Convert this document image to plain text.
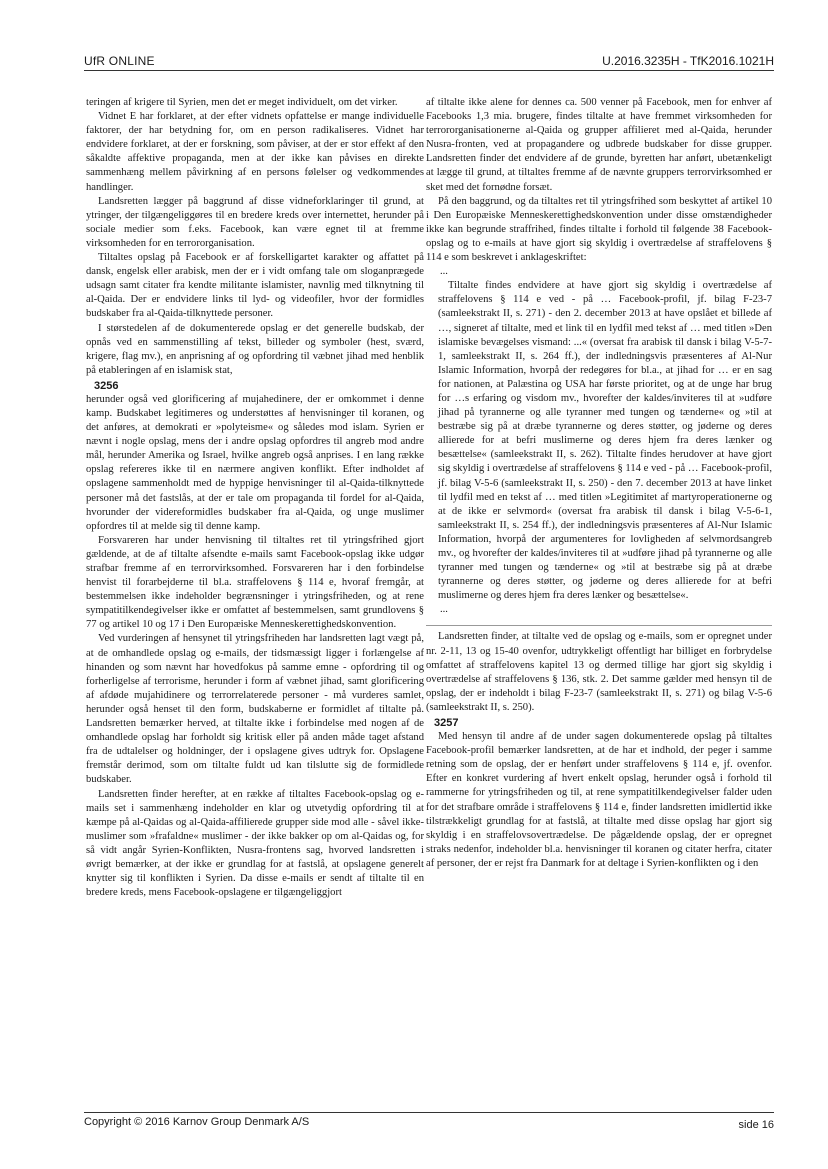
UfR ONLINE	U.2016.3235H - TfK2016.1021H

teringen af krigere til Syrien, men det er meget individuelt, om det virker.

Vidnet E har forklaret, at der efter vidnets opfattelse er mange individuelle faktorer, der har betydning for, om en person radikaliseres. Vidnet har endvidere forklaret, at der er forskning, som påviser, at der er stor effekt af den såkaldte affektive propaganda, men at der ikke kan påvises en direkte sammenhæng mellem påvirkning af en persons følelser og vedkommendes handlinger.

Landsretten lægger på baggrund af disse vidneforklaringer til grund, at ytringer, der tilgængeliggøres til en bredere kreds over internettet, herunder på sociale medier som f.eks. Facebook, kan være egnet til at fremme virksomheden for en terrororganisation.

Tiltaltes opslag på Facebook er af forskelligartet karakter og affattet på dansk, engelsk eller arabisk, men der er i vidt omfang tale om sloganprægede udsagn samt citater fra kendte militante islamister, navnlig med tilknytning til al-Qaida. Der er endvidere links til lyd- og videofiler, hvor der formidles budskaber fra al-Qaida-tilknyttede personer.

I størstedelen af de dokumenterede opslag er det generelle budskab, der opnås ved en sammenstilling af tekst, billeder og symboler (hest, sværd, krigere, flag mv.), en anprisning af og opfordring til væbnet jihad med henblik på etableringen af en islamisk stat,

3256

herunder også ved glorificering af mujahedinere, der er omkommet i denne kamp. Budskabet legitimeres og understøttes af henvisninger til koranen, og det anføres, at demokrati er »polyteisme« og således mod islam. Syrien er nævnt i nogle opslag, mens der i andre opslag opfordres til angreb mod andre mål, herunder Amerika og Israel, hvilke angreb også anprises. I en lang række opslag refereres ikke til en nærmere angiven konflikt. Efter indholdet af opslagene sammenholdt med de hyppige henvisninger til al-Qaida-tilknyttede personer må det fastslås, at der er tale om propaganda til fordel for al-Qaida, hvorunder der videreformidles budskaber fra al-Qaida, og unge muslimer opfordres til at melde sig til denne kamp.

Forsvareren har under henvisning til tiltaltes ret til ytringsfrihed gjort gældende, at de af tiltalte afsendte e-mails samt Facebook-opslag ikke udgør strafbar fremme af en terrorvirksomhed. Forsvareren har i den forbindelse henvist til forarbejderne til bl.a. straffelovens § 114 e, hvoraf fremgår, at bestemmelsen ikke indeholder begrænsninger i ytringsfriheden, og at rene sympatitilkendegivelser ikke er omfattet af bestemmelsen, samt grundlovens § 77 og artikel 10 og 17 i Den Europæiske Menneskerettighedskonvention.

Ved vurderingen af hensynet til ytringsfriheden har landsretten lagt vægt på, at de omhandlede opslag og e-mails, der tidsmæssigt ligger i forlængelse af hinanden og som nævnt har hovedfokus på samme emne - opfordring til og forherligelse af terrorisme, herunder i form af væbnet jihad, samt glorificering af afdøde mujahidinere og terrorrelaterede personer - må vurderes samlet, herunder også henset til den form, budskaberne er formidlet af tiltalte på. Landsretten bemærker herved, at tiltalte ikke i forbindelse med nogen af de omhandlede opslag har forholdt sig kritisk eller på anden måde taget afstand fra de udtalelser og holdninger, der i opslagene gives udtryk for. Opslagene fremstår derimod, som om tiltalte fuldt ud kan tilslutte sig de formidlede budskaber.

Landsretten finder herefter, at en række af tiltaltes Facebook-opslag og e-mails set i sammenhæng indeholder en klar og utvetydig opfordring til at kæmpe på al-Qaidas og al-Qaida-affilierede grupper side mod alle - såvel ikke-muslimer som »frafaldne« muslimer - der ikke bakker op om al-Qaidas og, for så vidt angår Syrien-Konflikten, Nusra-frontens sag, hvorved landsretten i øvrigt bemærker, at der ikke er grundlag for at fastslå, at opslagene generelt knytter sig til konflikten i Syrien. Da disse e-mails er sendt af tiltalte til en bredere kreds, mens Facebook-opslagene er tilgængeliggjort

af tiltalte ikke alene for dennes ca. 500 venner på Facebook, men for enhver af Facebooks 1,3 mia. brugere, findes tiltalte at have fremmet virksomheden for terrororganisationerne al-Qaida og grupper affilieret med al-Qaida, herunder Nusra-fronten, ved at propagandere og udbrede budskaber for disse grupper. Landsretten finder det endvidere af de grunde, byretten har anført, ubetænkeligt at lægge til grund, at tiltaltes fremme af de nævnte gruppers terrorvirksomhed er sket med det fornødne forsæt.

På den baggrund, og da tiltaltes ret til ytringsfrihed som beskyttet af artikel 10 i Den Europæiske Menneskerettighedskonvention under disse omstændigheder ikke kan begrunde straffrihed, findes tiltalte i forhold til følgende 38 Facebook-opslag og to e-mails at have gjort sig skyldig i overtrædelse af straffelovens § 114 e som beskrevet i anklageskriftet:

...

Tiltalte findes endvidere at have gjort sig skyldig i overtrædelse af straffelovens § 114 e ved - på … Facebook-profil, jf. bilag F-23-7 (samleekstrakt II, s. 271) - den 2. december 2013 at have opslået et billede af …, signeret af tiltalte, med et link til en lydfil med tekst af … med titlen »Den islamiske bevægelses vismand: ...« (oversat fra arabisk til dansk i bilag V-5-7-1, samleekstrakt II, s. 264 ff.), der indledningsvis præsenteres af Al-Nur Islamic Information, hvorpå der redegøres for bl.a., at jihad for … er en sag for nationen, at Palæstina og USA har første prioritet, og at de unge har brug for …s erfaring og visdom mv., hvorefter der kaldes/inviteres til at »udføre jihad på tyrannerne og alle tyranner med tungen og tænderne« og »til at bestræbe sig på at dræbe tyrannerne og deres støtter, og jøderne og deres allierede for at befri muslimerne og deres hjem fra deres lænker og besættelse« (samleekstrakt II, s. 262). Tiltalte findes herudover at have gjort sig skyldig i overtrædelse af straffelovens § 114 e ved - på … Facebook-profil, jf. bilag V-5-6 (samleekstrakt II, s. 250) - den 7. december 2013 at have linket til lydfil med en tekst af … med titlen »Legitimitet af martyroperationerne og at de ikke er selvmord« (oversat fra arabisk til dansk i bilag V-5-6-1, samleekstrakt II, s. 254 ff.), der indledningsvis præsenteres af Al-Nur Islamic Information, hvorpå der argumenteres for lovligheden af selvmordsangreb mv., og hvorefter der kaldes/inviteres til at »udføre jihad på tyrannerne og alle tyranner med tungen og tænderne« og »til at bestræbe sig på at dræbe tyrannerne og deres støtter, og jøderne og deres allierede for at befri muslimerne og deres hjem fra deres lænker og besættelse«.

...

Landsretten finder, at tiltalte ved de opslag og e-mails, som er opregnet under nr. 2-11, 13 og 15-40 ovenfor, udtrykkeligt offentligt har billiget en forbrydelse omfattet af straffelovens kapitel 13 og dermed tillige har gjort sig skyldig i overtrædelse af straffelovens § 136, stk. 2. Det samme gælder med hensyn til de opslag, der er indeholdt i bilag F-23-7 (samleekstrakt II, s. 271) og bilag V-5-6 (samleekstrakt II, s. 250).

3257

Med hensyn til andre af de under sagen dokumenterede opslag på tiltaltes Facebook-profil bemærker landsretten, at de har et indhold, der peger i samme retning som de opslag, der er henført under straffelovens § 114 e, jf. ovenfor. Efter en konkret vurdering af hvert enkelt opslag, herunder også i forhold til rammerne for ytringsfriheden og til, at rene sympatitilkendegivelser falder uden for det strafbare område i straffelovens § 114 e, finder landsretten imidlertid ikke tilstrækkeligt grundlag for at fastslå, at tiltalte med disse opslag har gjort sig skyldig i en straffelovsovertrædelse. De pågældende opslag, der er opregnet straks nedenfor, indeholder bl.a. henvisninger til koranen og citater herfra, citater af personer, der er rejst fra Danmark for at deltage i Syrien-konflikten og i den

Copyright © 2016 Karnov Group Denmark A/S	side 16
